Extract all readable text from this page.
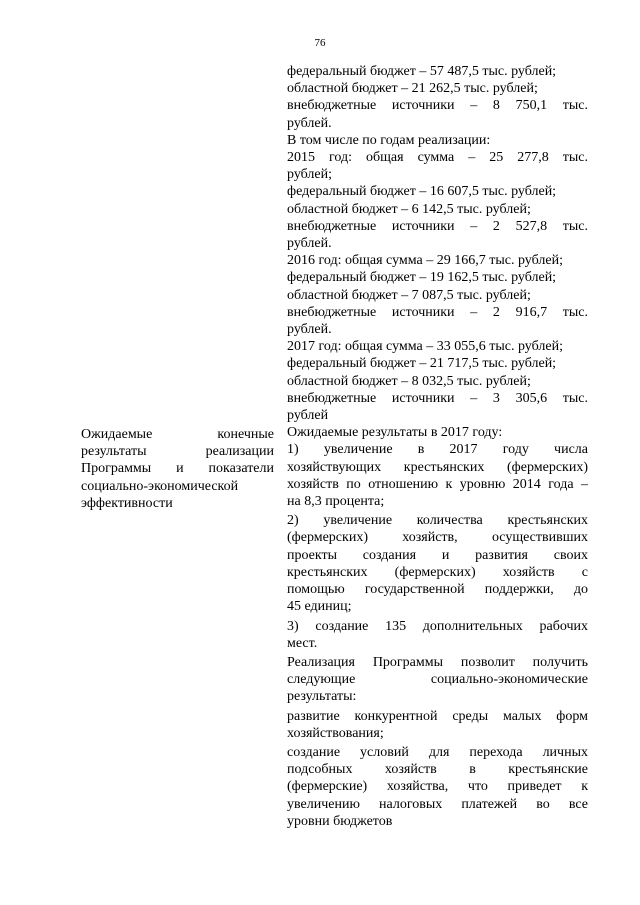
76
Ожидаемые конечные
результаты реализации
Программы и показатели
социально-экономической
эффективности
федеральный бюджет – 57 487,5 тыс. рублей;
областной бюджет – 21 262,5 тыс. рублей;
внебюджетные источники – 8 750,1 тыс.
рублей.
В том числе по годам реализации:
2015 год: общая сумма – 25 277,8 тыс.
рублей;
федеральный бюджет – 16 607,5 тыс. рублей;
областной бюджет – 6 142,5 тыс. рублей;
внебюджетные источники – 2 527,8 тыс.
рублей.
2016 год: общая сумма – 29 166,7 тыс. рублей;
федеральный бюджет – 19 162,5 тыс. рублей;
областной бюджет – 7 087,5 тыс. рублей;
внебюджетные источники – 2 916,7 тыс.
рублей.
2017 год: общая сумма – 33 055,6 тыс. рублей;
федеральный бюджет – 21 717,5 тыс. рублей;
областной бюджет – 8 032,5 тыс. рублей;
внебюджетные источники – 3 305,6 тыс.
рублей
Ожидаемые результаты в 2017 году:
1) увеличение в 2017 году числа
хозяйствующих крестьянских (фермерских)
хозяйств по отношению к уровню 2014 года –
на 8,3 процента;
2) увеличение количества крестьянских
(фермерских) хозяйств, осуществивших
проекты создания и развития своих
крестьянских (фермерских) хозяйств с
помощью государственной поддержки, до
45 единиц;
3) создание 135 дополнительных рабочих
мест.
Реализация Программы позволит получить
следующие социально-экономические
результаты:
развитие конкурентной среды малых форм
хозяйствования;
создание условий для перехода личных
подсобных хозяйств в крестьянские
(фермерские) хозяйства, что приведет к
увеличению налоговых платежей во все
уровни бюджетов
